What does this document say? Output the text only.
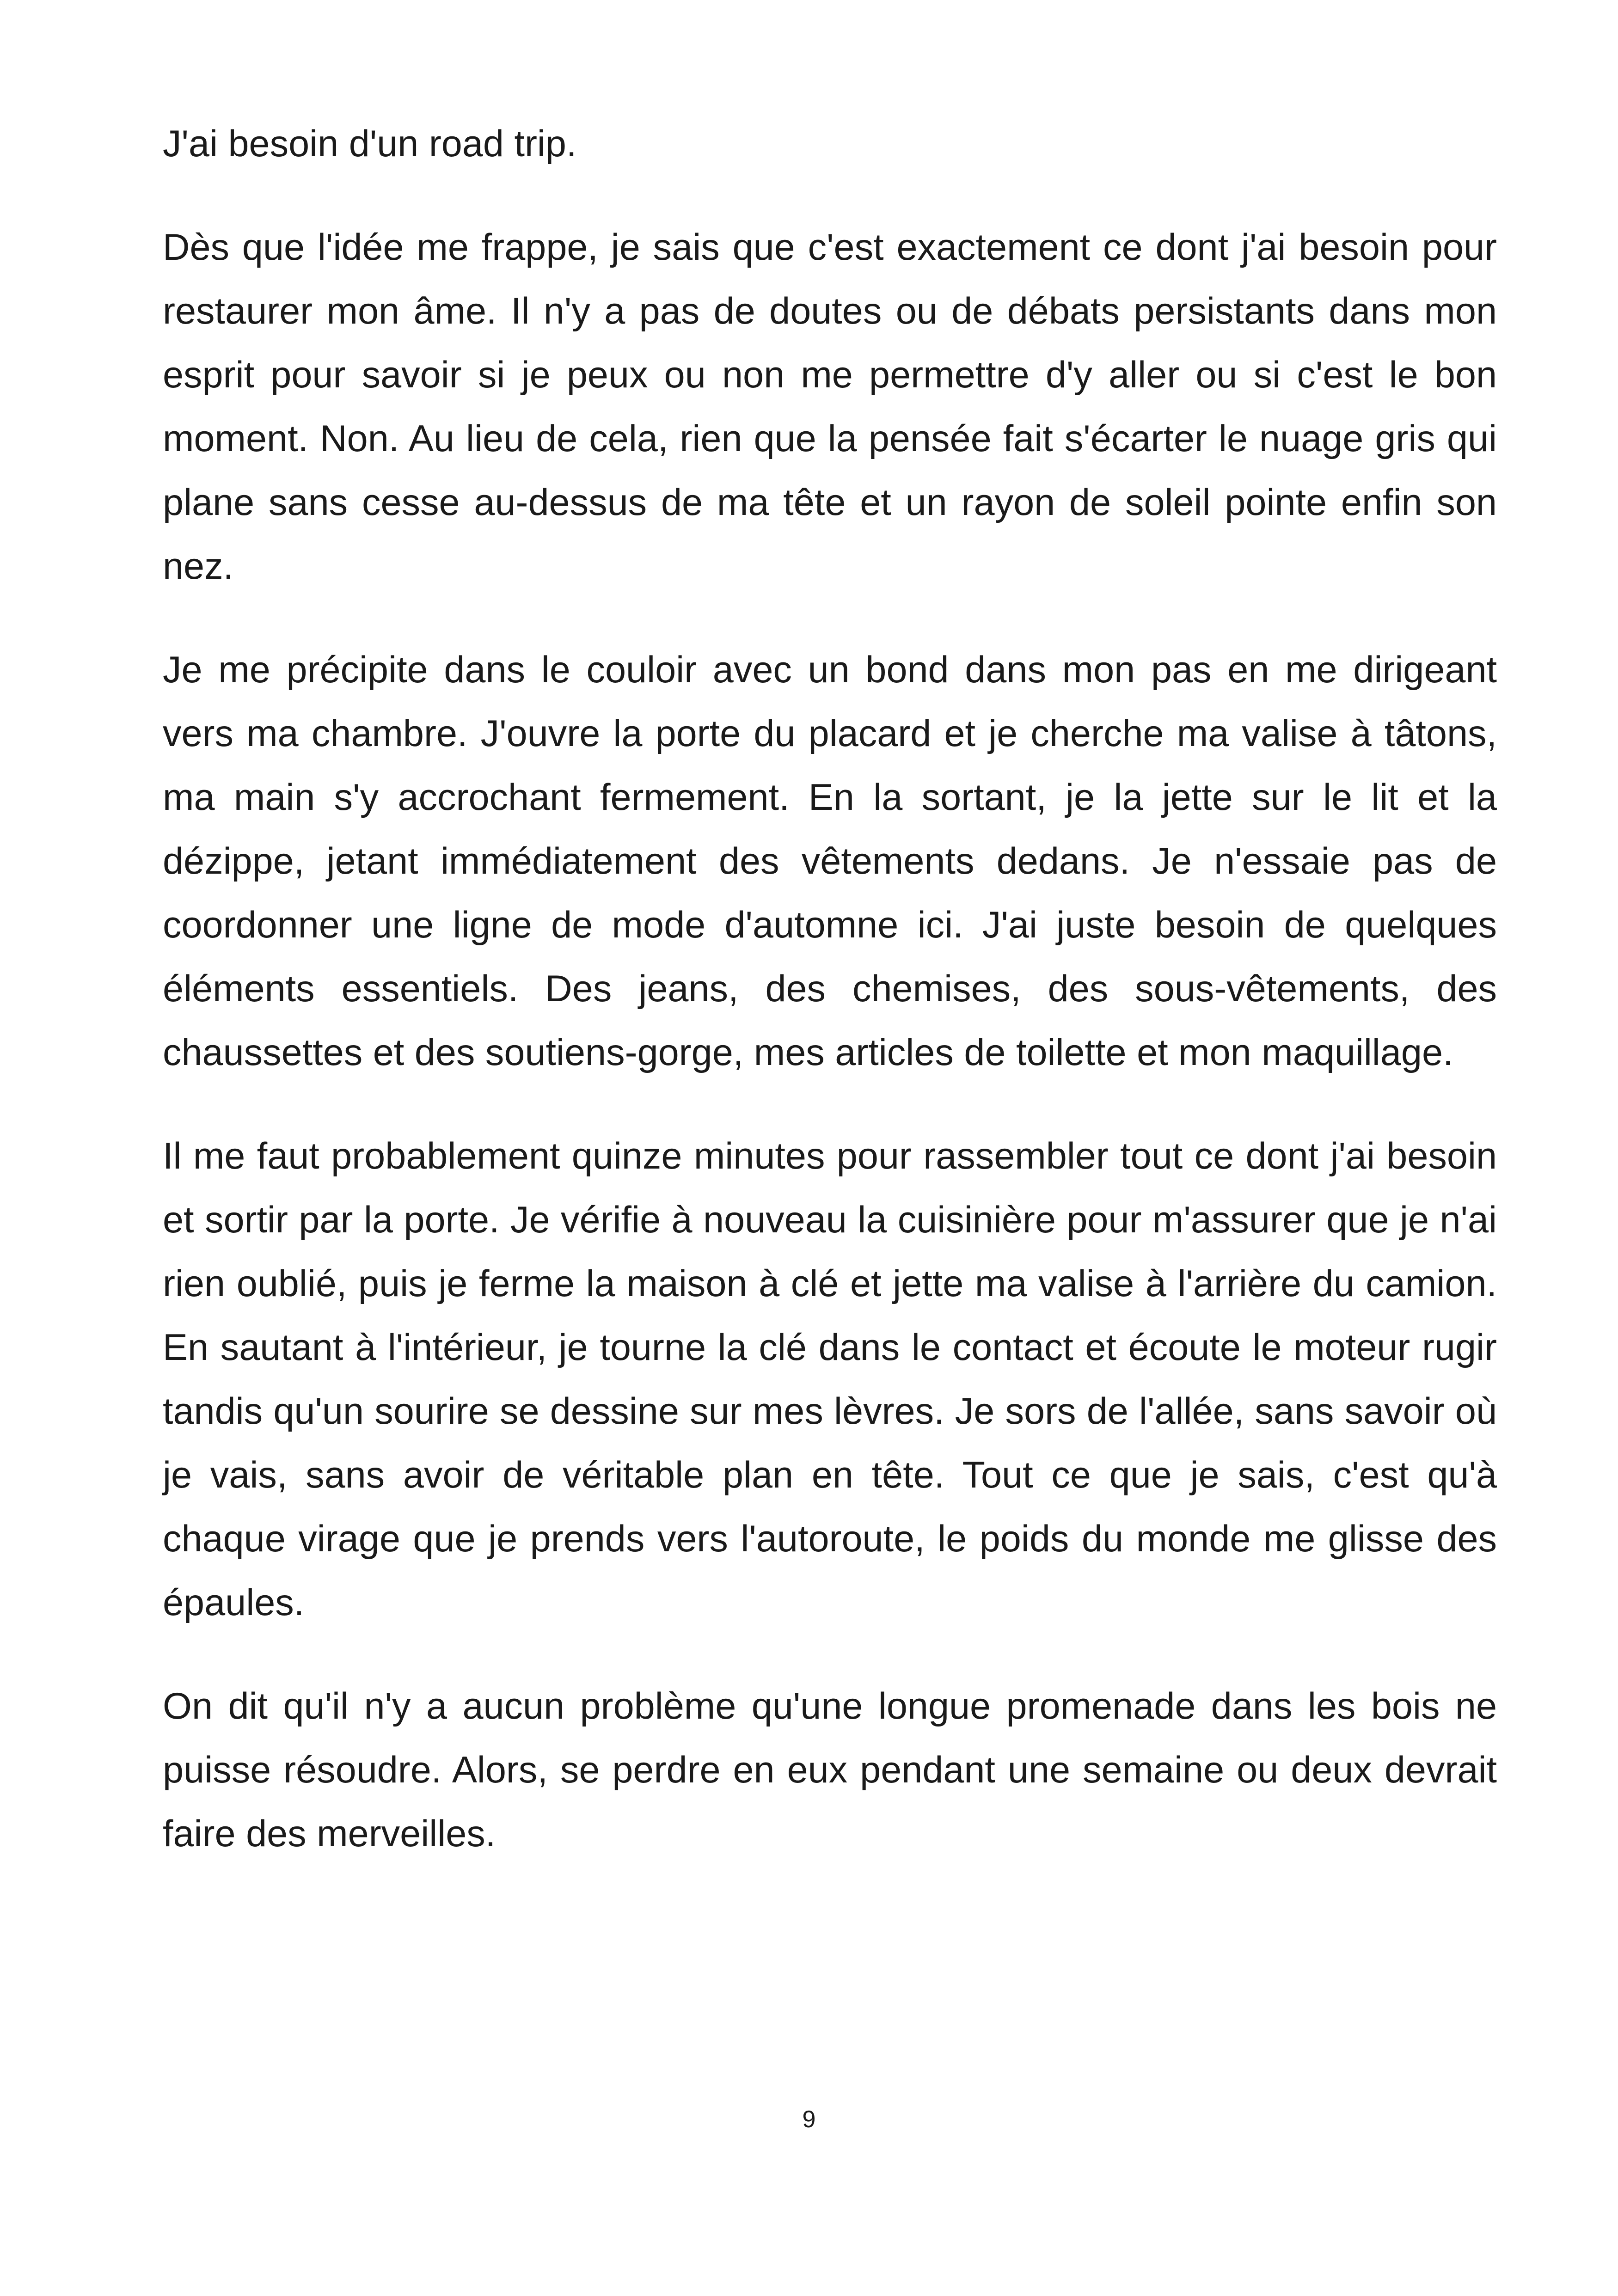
J'ai besoin d'un road trip.

Dès que l'idée me frappe, je sais que c'est exactement ce dont j'ai besoin pour restaurer mon âme. Il n'y a pas de doutes ou de débats persistants dans mon esprit pour savoir si je peux ou non me permettre d'y aller ou si c'est le bon moment. Non. Au lieu de cela, rien que la pensée fait s'écarter le nuage gris qui plane sans cesse au-dessus de ma tête et un rayon de soleil pointe enfin son nez.

Je me précipite dans le couloir avec un bond dans mon pas en me dirigeant vers ma chambre. J'ouvre la porte du placard et je cherche ma valise à tâtons, ma main s'y accrochant fermement. En la sortant, je la jette sur le lit et la dézippe, jetant immédiatement des vêtements dedans. Je n'essaie pas de coordonner une ligne de mode d'automne ici. J'ai juste besoin de quelques éléments essentiels. Des jeans, des chemises, des sous-vêtements, des chaussettes et des soutiens-gorge, mes articles de toilette et mon maquillage.

Il me faut probablement quinze minutes pour rassembler tout ce dont j'ai besoin et sortir par la porte. Je vérifie à nouveau la cuisinière pour m'assurer que je n'ai rien oublié, puis je ferme la maison à clé et jette ma valise à l'arrière du camion. En sautant à l'intérieur, je tourne la clé dans le contact et écoute le moteur rugir tandis qu'un sourire se dessine sur mes lèvres. Je sors de l'allée, sans savoir où je vais, sans avoir de véritable plan en tête. Tout ce que je sais, c'est qu'à chaque virage que je prends vers l'autoroute, le poids du monde me glisse des épaules.

On dit qu'il n'y a aucun problème qu'une longue promenade dans les bois ne puisse résoudre. Alors, se perdre en eux pendant une semaine ou deux devrait faire des merveilles.

9
